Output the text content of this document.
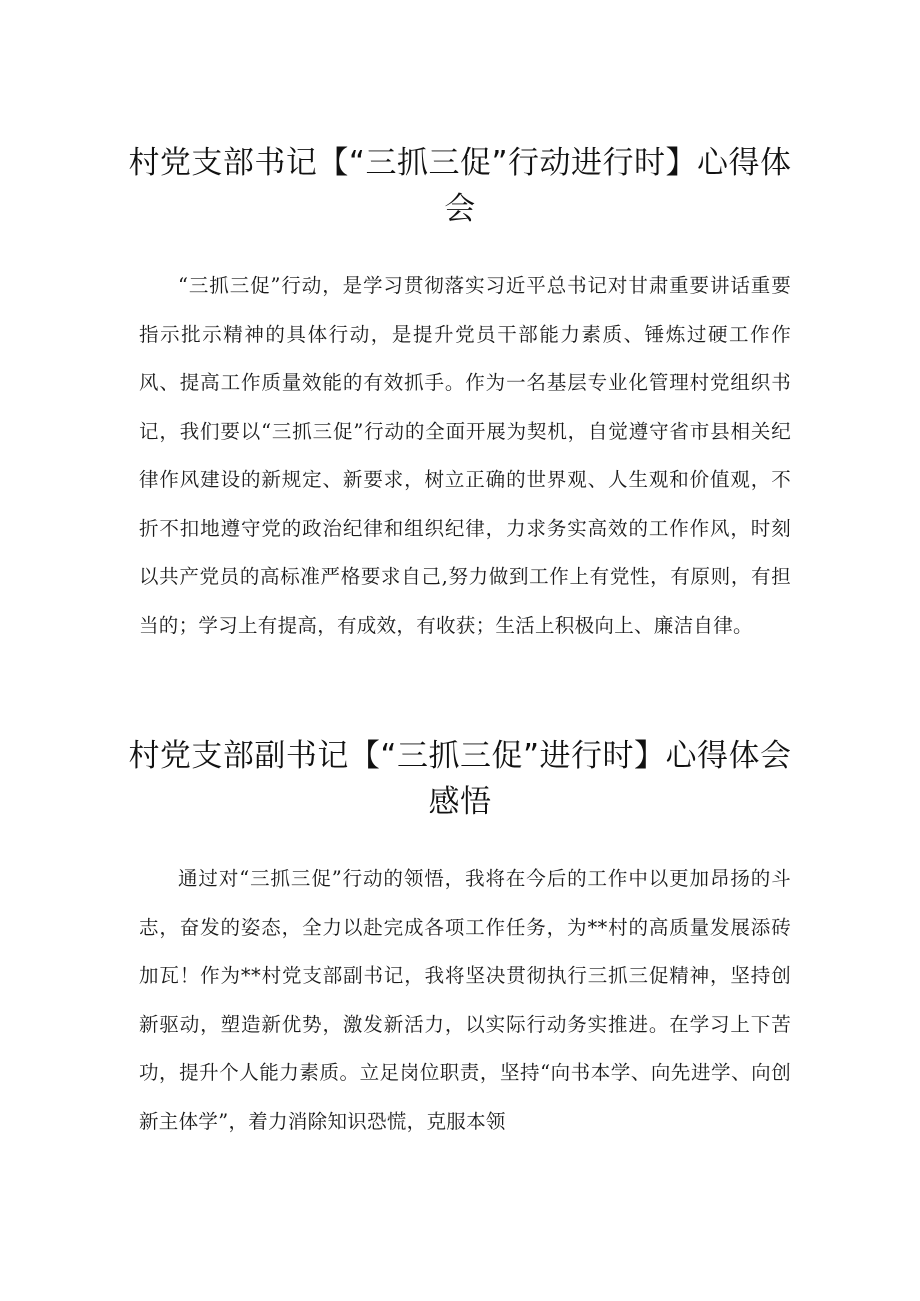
村党支部书记【“三抓三促”行动进行时】心得体会

“三抓三促”行动，是学习贯彻落实习近平总书记对甘肃重要讲话重要指示批示精神的具体行动，是提升党员干部能力素质、锤炼过硬工作作风、提高工作质量效能的有效抓手。作为一名基层专业化管理村党组织书记，我们要以“三抓三促”行动的全面开展为契机，自觉遵守省市县相关纪律作风建设的新规定、新要求，树立正确的世界观、人生观和价值观，不折不扣地遵守党的政治纪律和组织纪律，力求务实高效的工作作风，时刻以共产党员的高标准严格要求自己,努力做到工作上有党性，有原则，有担当的；学习上有提高，有成效，有收获；生活上积极向上、廉洁自律。

村党支部副书记【“三抓三促”进行时】心得体会感悟

通过对“三抓三促”行动的领悟，我将在今后的工作中以更加昂扬的斗志，奋发的姿态，全力以赴完成各项工作任务，为**村的高质量发展添砖加瓦！作为**村党支部副书记，我将坚决贯彻执行三抓三促精神，坚持创新驱动，塑造新优势，激发新活力，以实际行动务实推进。在学习上下苦功，提升个人能力素质。立足岗位职责，坚持“向书本学、向先进学、向创新主体学”，着力消除知识恐慌，克服本领
